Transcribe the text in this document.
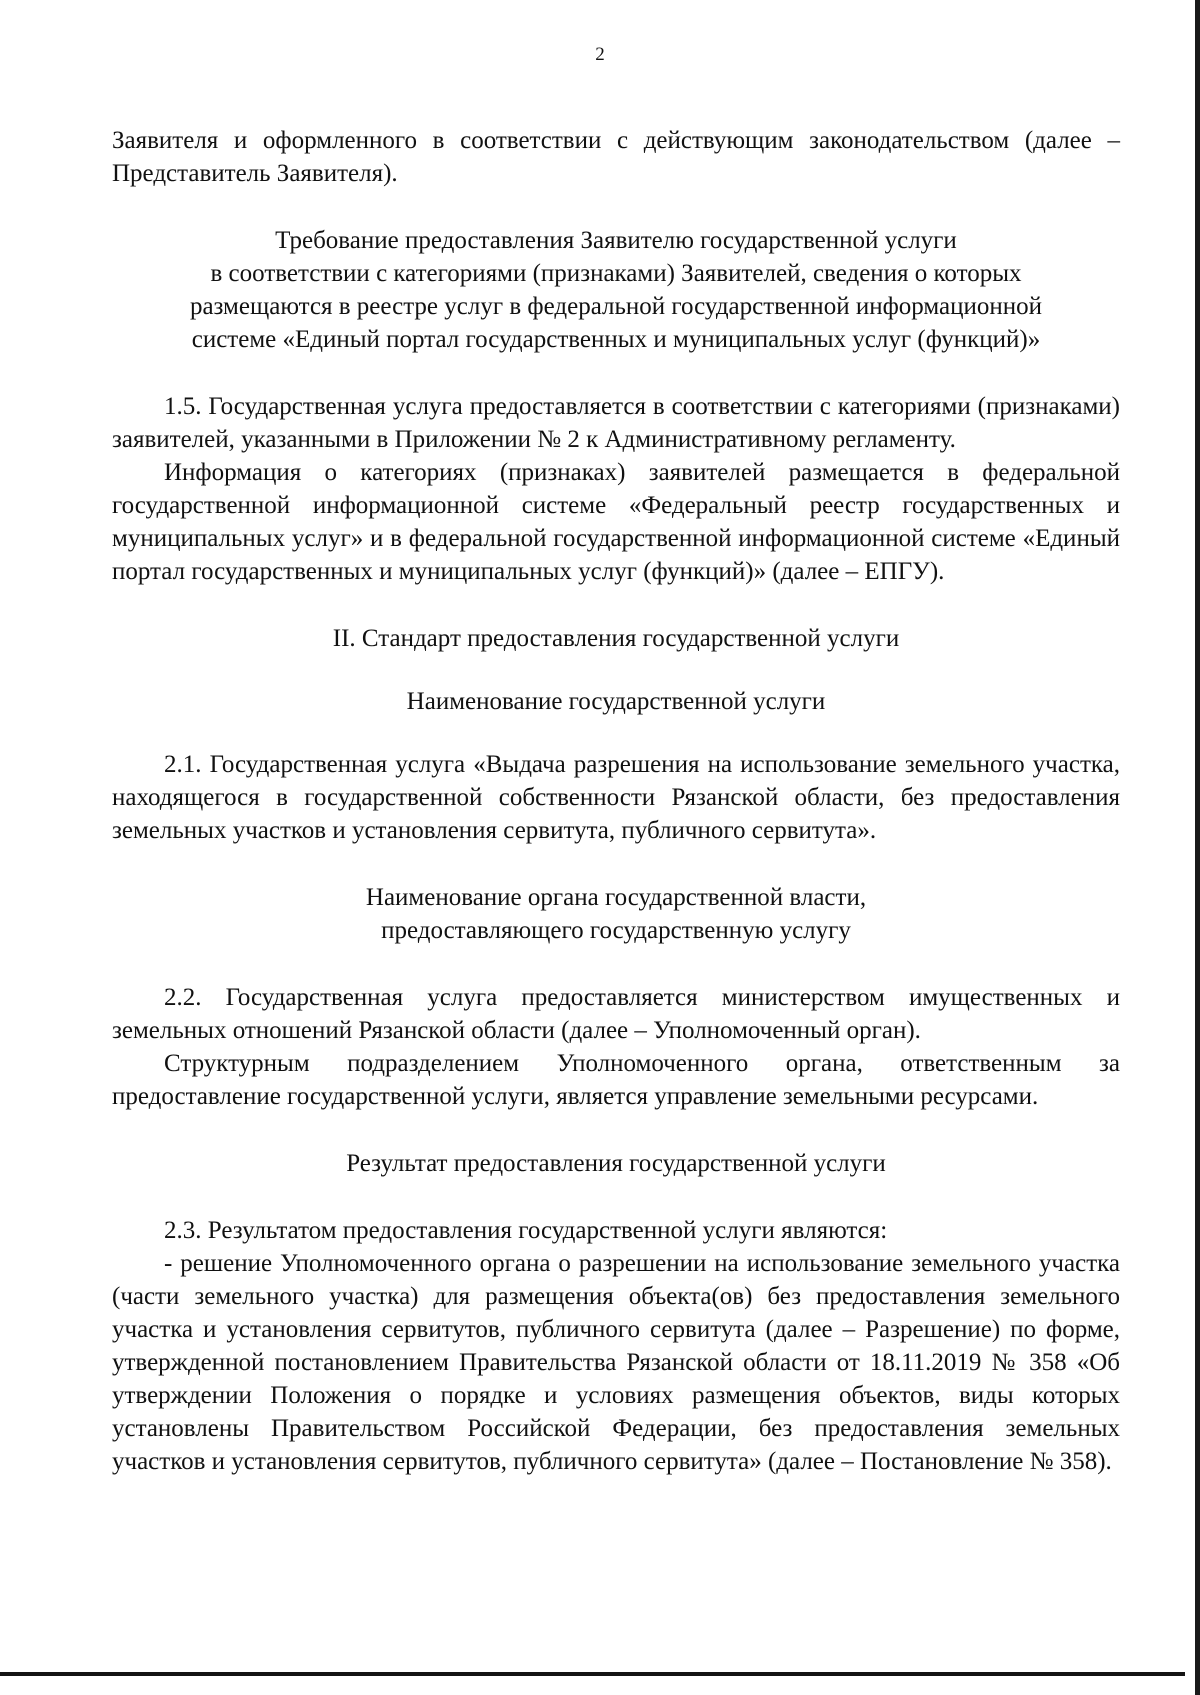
2

Заявителя и оформленного в соответствии с действующим законодательством (далее – Представитель Заявителя).

Требование предоставления Заявителю государственной услуги
в соответствии с категориями (признаками) Заявителей, сведения о которых
размещаются в реестре услуг в федеральной государственной информационной
системе «Единый портал государственных и муниципальных услуг (функций)»

1.5. Государственная услуга предоставляется в соответствии с категориями (признаками) заявителей, указанными в Приложении № 2 к Административному регламенту.

Информация о категориях (признаках) заявителей размещается в федеральной государственной информационной системе «Федеральный реестр государственных и муниципальных услуг» и в федеральной государственной информационной системе «Единый портал государственных и муниципальных услуг (функций)» (далее – ЕПГУ).

II. Стандарт предоставления государственной услуги
Наименование государственной услуги

2.1. Государственная услуга «Выдача разрешения на использование земельного участка, находящегося в государственной собственности Рязанской области, без предоставления земельных участков и установления сервитута, публичного сервитута».

Наименование органа государственной власти,
предоставляющего государственную услугу

2.2. Государственная услуга предоставляется министерством имущественных и земельных отношений Рязанской области (далее – Уполномоченный орган).

Структурным подразделением Уполномоченного органа, ответственным за предоставление государственной услуги, является управление земельными ресурсами.

Результат предоставления государственной услуги

2.3. Результатом предоставления государственной услуги являются:

- решение Уполномоченного органа о разрешении на использование земельного участка (части земельного участка) для размещения объекта(ов) без предоставления земельного участка и установления сервитутов, публичного сервитута (далее – Разрешение) по форме, утвержденной постановлением Правительства Рязанской области от 18.11.2019 № 358 «Об утверждении Положения о порядке и условиях размещения объектов, виды которых установлены Правительством Российской Федерации, без предоставления земельных участков и установления сервитутов, публичного сервитута» (далее – Постановление № 358).
